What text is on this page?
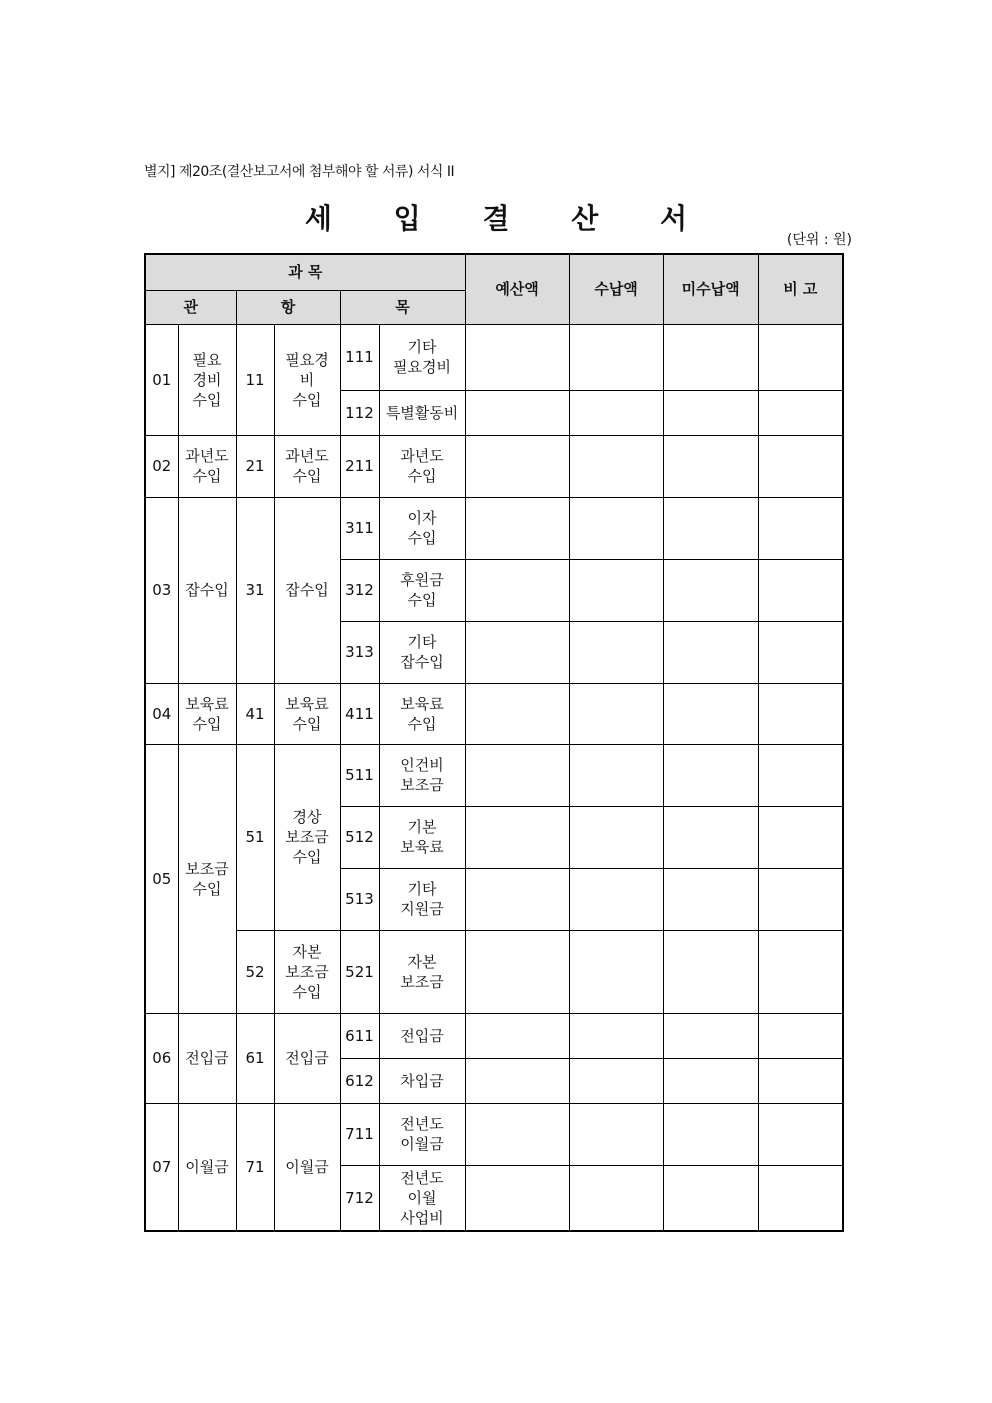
별지] 제20조(결산보고서에 첨부해야 할 서류) 서식 II
세 입 결 산 서
(단위 : 원)
과 목						예산액	수납액	미수납액	비 고
관		항		목					
01	필요
경비
수입	11	필요경
비
수입	111	기타
필요경비				
				112	특별활동비				
02	과년도
수입	21	과년도
수입	211	과년도
수입				
03	잡수입	31	잡수입	311	이자
수입				
				312	후원금
수입				
				313	기타
잡수입				
04	보육료
수입	41	보육료
수입	411	보육료
수입				
05	보조금
수입	51	경상
보조금
수입	511	인건비
보조금				
				512	기본
보육료				
				513	기타
지원금				
		52	자본
보조금
수입	521	자본
보조금				
06	전입금	61	전입금	611	전입금				
				612	차입금				
07	이월금	71	이월금	711	전년도
이월금				
				712	전년도
이월
사업비				
